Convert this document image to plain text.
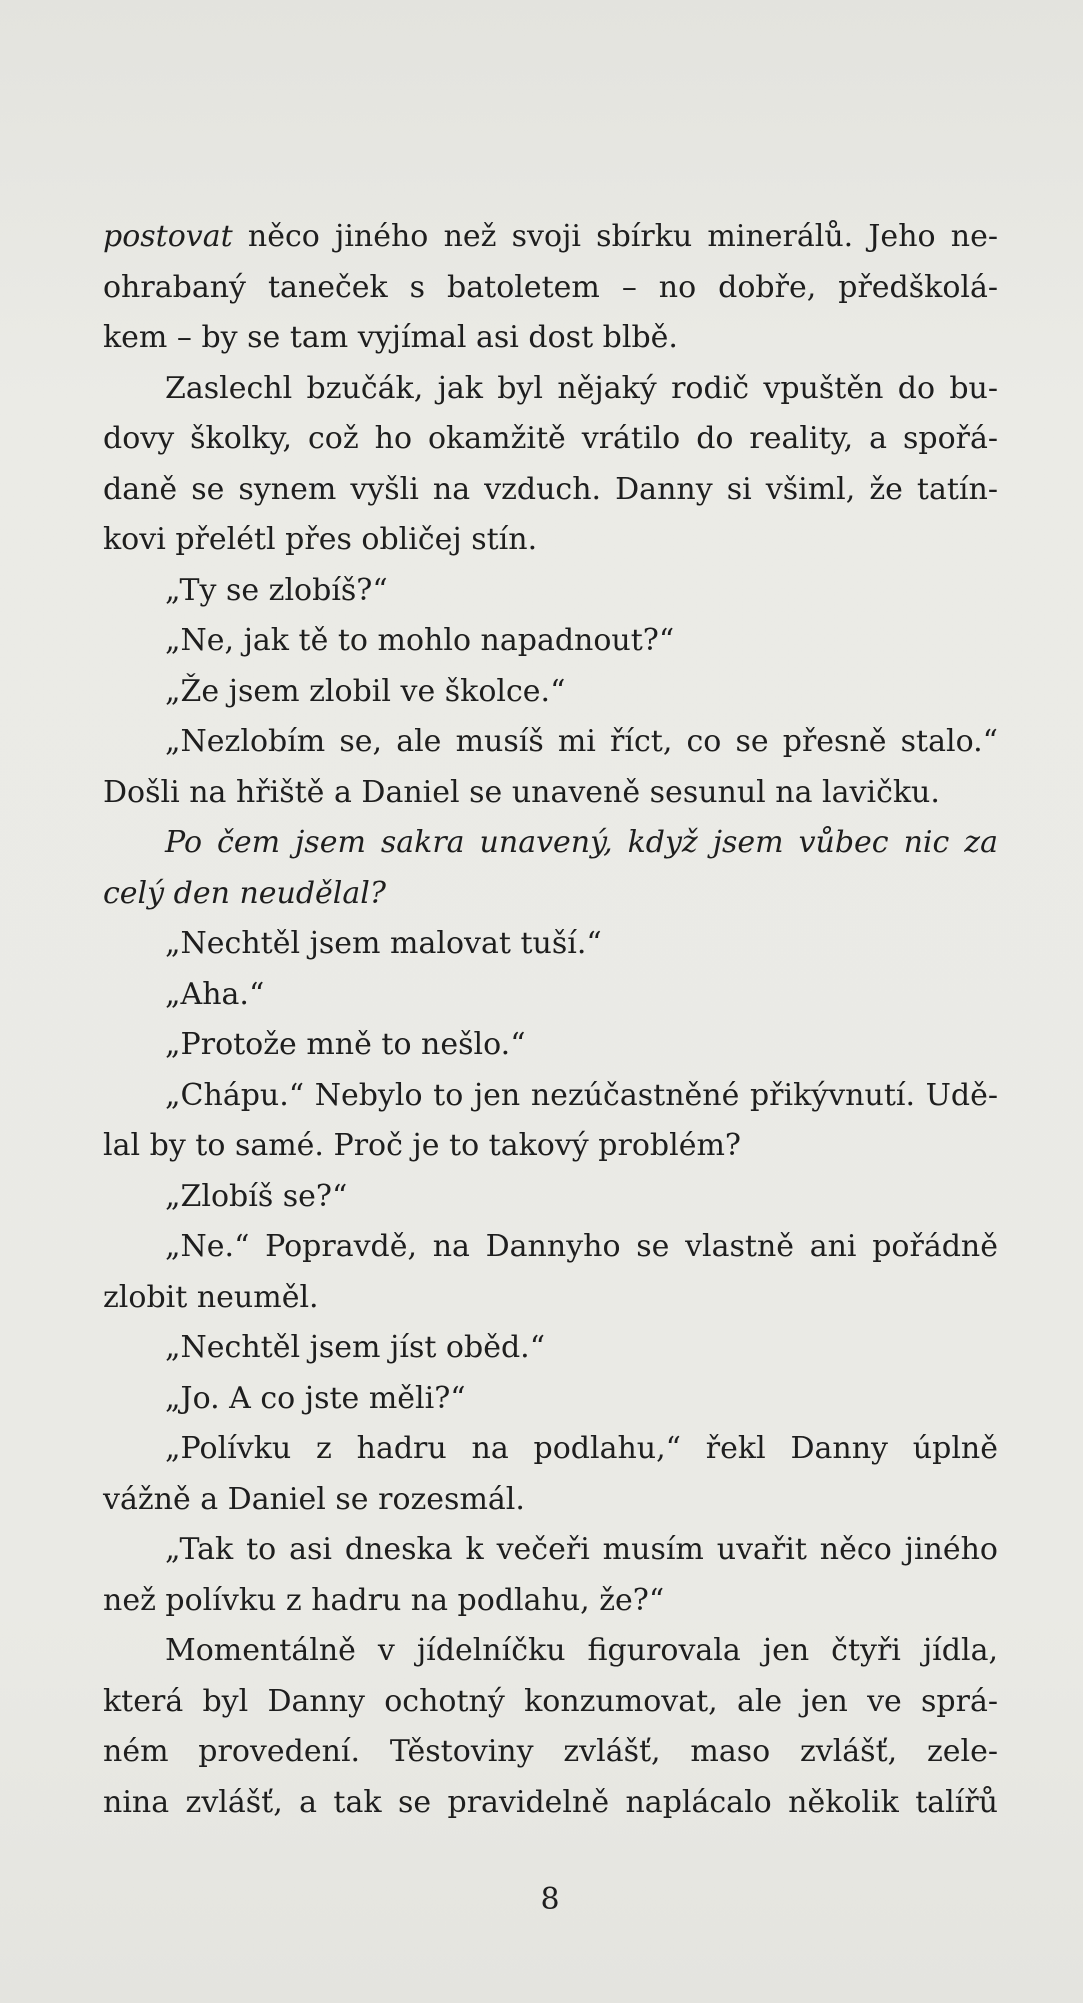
postovat něco jiného než svoji sbírku minerálů. Jeho ne-
ohrabaný taneček s batoletem – no dobře, předškolá-
kem – by se tam vyjímal asi dost blbě.
Zaslechl bzučák, jak byl nějaký rodič vpuštěn do bu-
dovy školky, což ho okamžitě vrátilo do reality, a spořá-
daně se synem vyšli na vzduch. Danny si všiml, že tatín-
kovi přelétl přes obličej stín.
„Ty se zlobíš?“
„Ne, jak tě to mohlo napadnout?“
„Že jsem zlobil ve školce.“
„Nezlobím se, ale musíš mi říct, co se přesně stalo.“
Došli na hřiště a Daniel se unaveně sesunul na lavičku.
Po čem jsem sakra unavený, když jsem vůbec nic za
celý den neudělal?
„Nechtěl jsem malovat tuší.“
„Aha.“
„Protože mně to nešlo.“
„Chápu.“ Nebylo to jen nezúčastněné přikývnutí. Udě-
lal by to samé. Proč je to takový problém?
„Zlobíš se?“
„Ne.“ Popravdě, na Dannyho se vlastně ani pořádně
zlobit neuměl.
„Nechtěl jsem jíst oběd.“
„Jo. A co jste měli?“
„Polívku z hadru na podlahu,“ řekl Danny úplně
vážně a Daniel se rozesmál.
„Tak to asi dneska k večeři musím uvařit něco jiného
než polívku z hadru na podlahu, že?“
Momentálně v jídelníčku figurovala jen čtyři jídla,
která byl Danny ochotný konzumovat, ale jen ve sprá-
ném provedení. Těstoviny zvlášť, maso zvlášť, zele-
nina zvlášť, a tak se pravidelně naplácalo několik talířů
8
